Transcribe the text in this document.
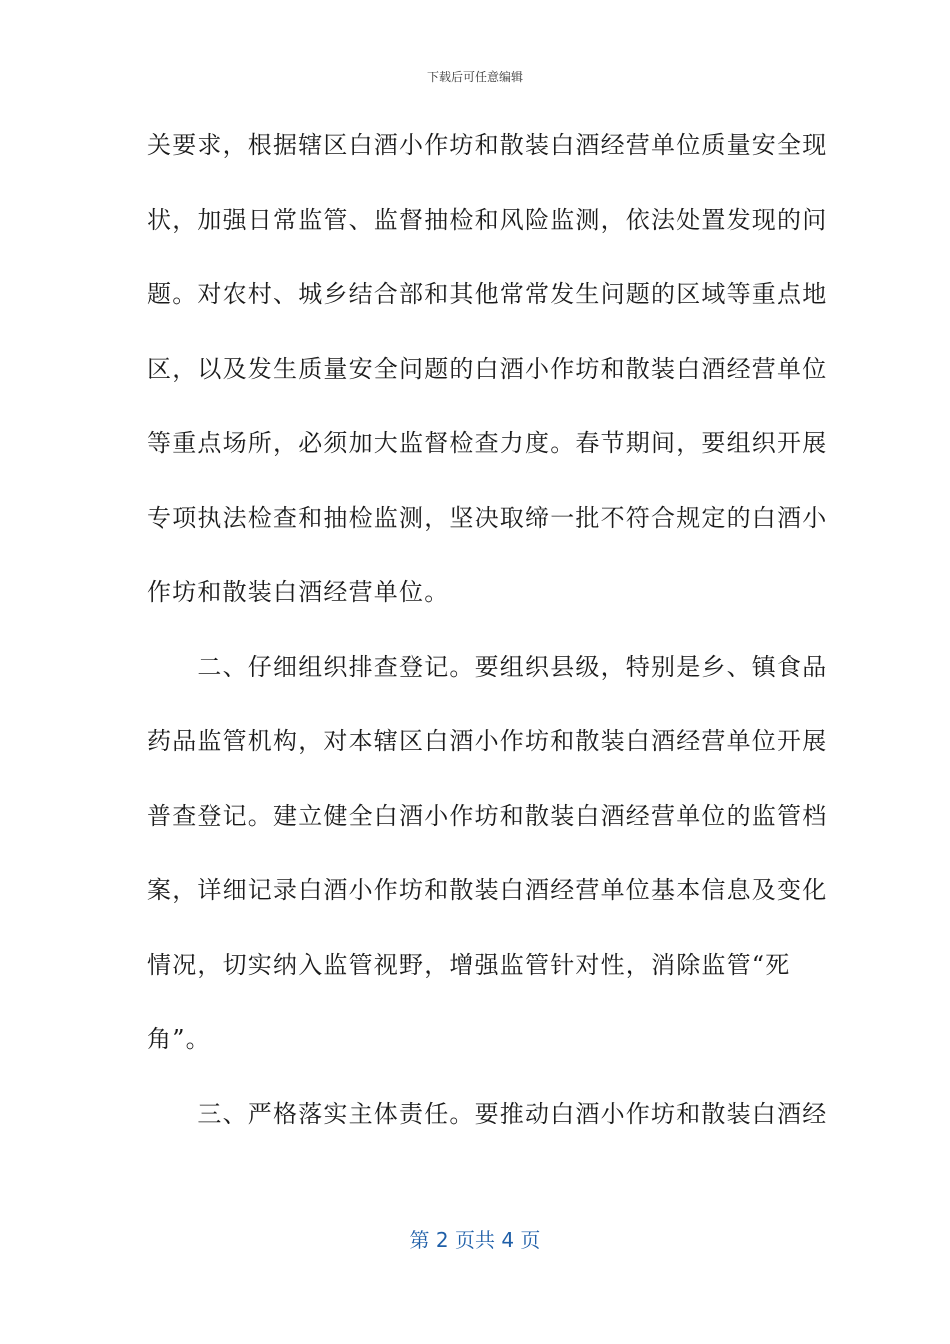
下载后可任意编辑
关要求，根据辖区白酒小作坊和散装白酒经营单位质量安全现
状，加强日常监管、监督抽检和风险监测，依法处置发现的问
题。对农村、城乡结合部和其他常常发生问题的区域等重点地
区，以及发生质量安全问题的白酒小作坊和散装白酒经营单位
等重点场所，必须加大监督检查力度。春节期间，要组织开展
专项执法检查和抽检监测，坚决取缔一批不符合规定的白酒小
作坊和散装白酒经营单位。
　　二、仔细组织排查登记。要组织县级，特别是乡、镇食品
药品监管机构，对本辖区白酒小作坊和散装白酒经营单位开展
普查登记。建立健全白酒小作坊和散装白酒经营单位的监管档
案，详细记录白酒小作坊和散装白酒经营单位基本信息及变化
情况，切实纳入监管视野，增强监管针对性，消除监管“死
角”。
　　三、严格落实主体责任。要推动白酒小作坊和散装白酒经
第 2 页共 4 页
